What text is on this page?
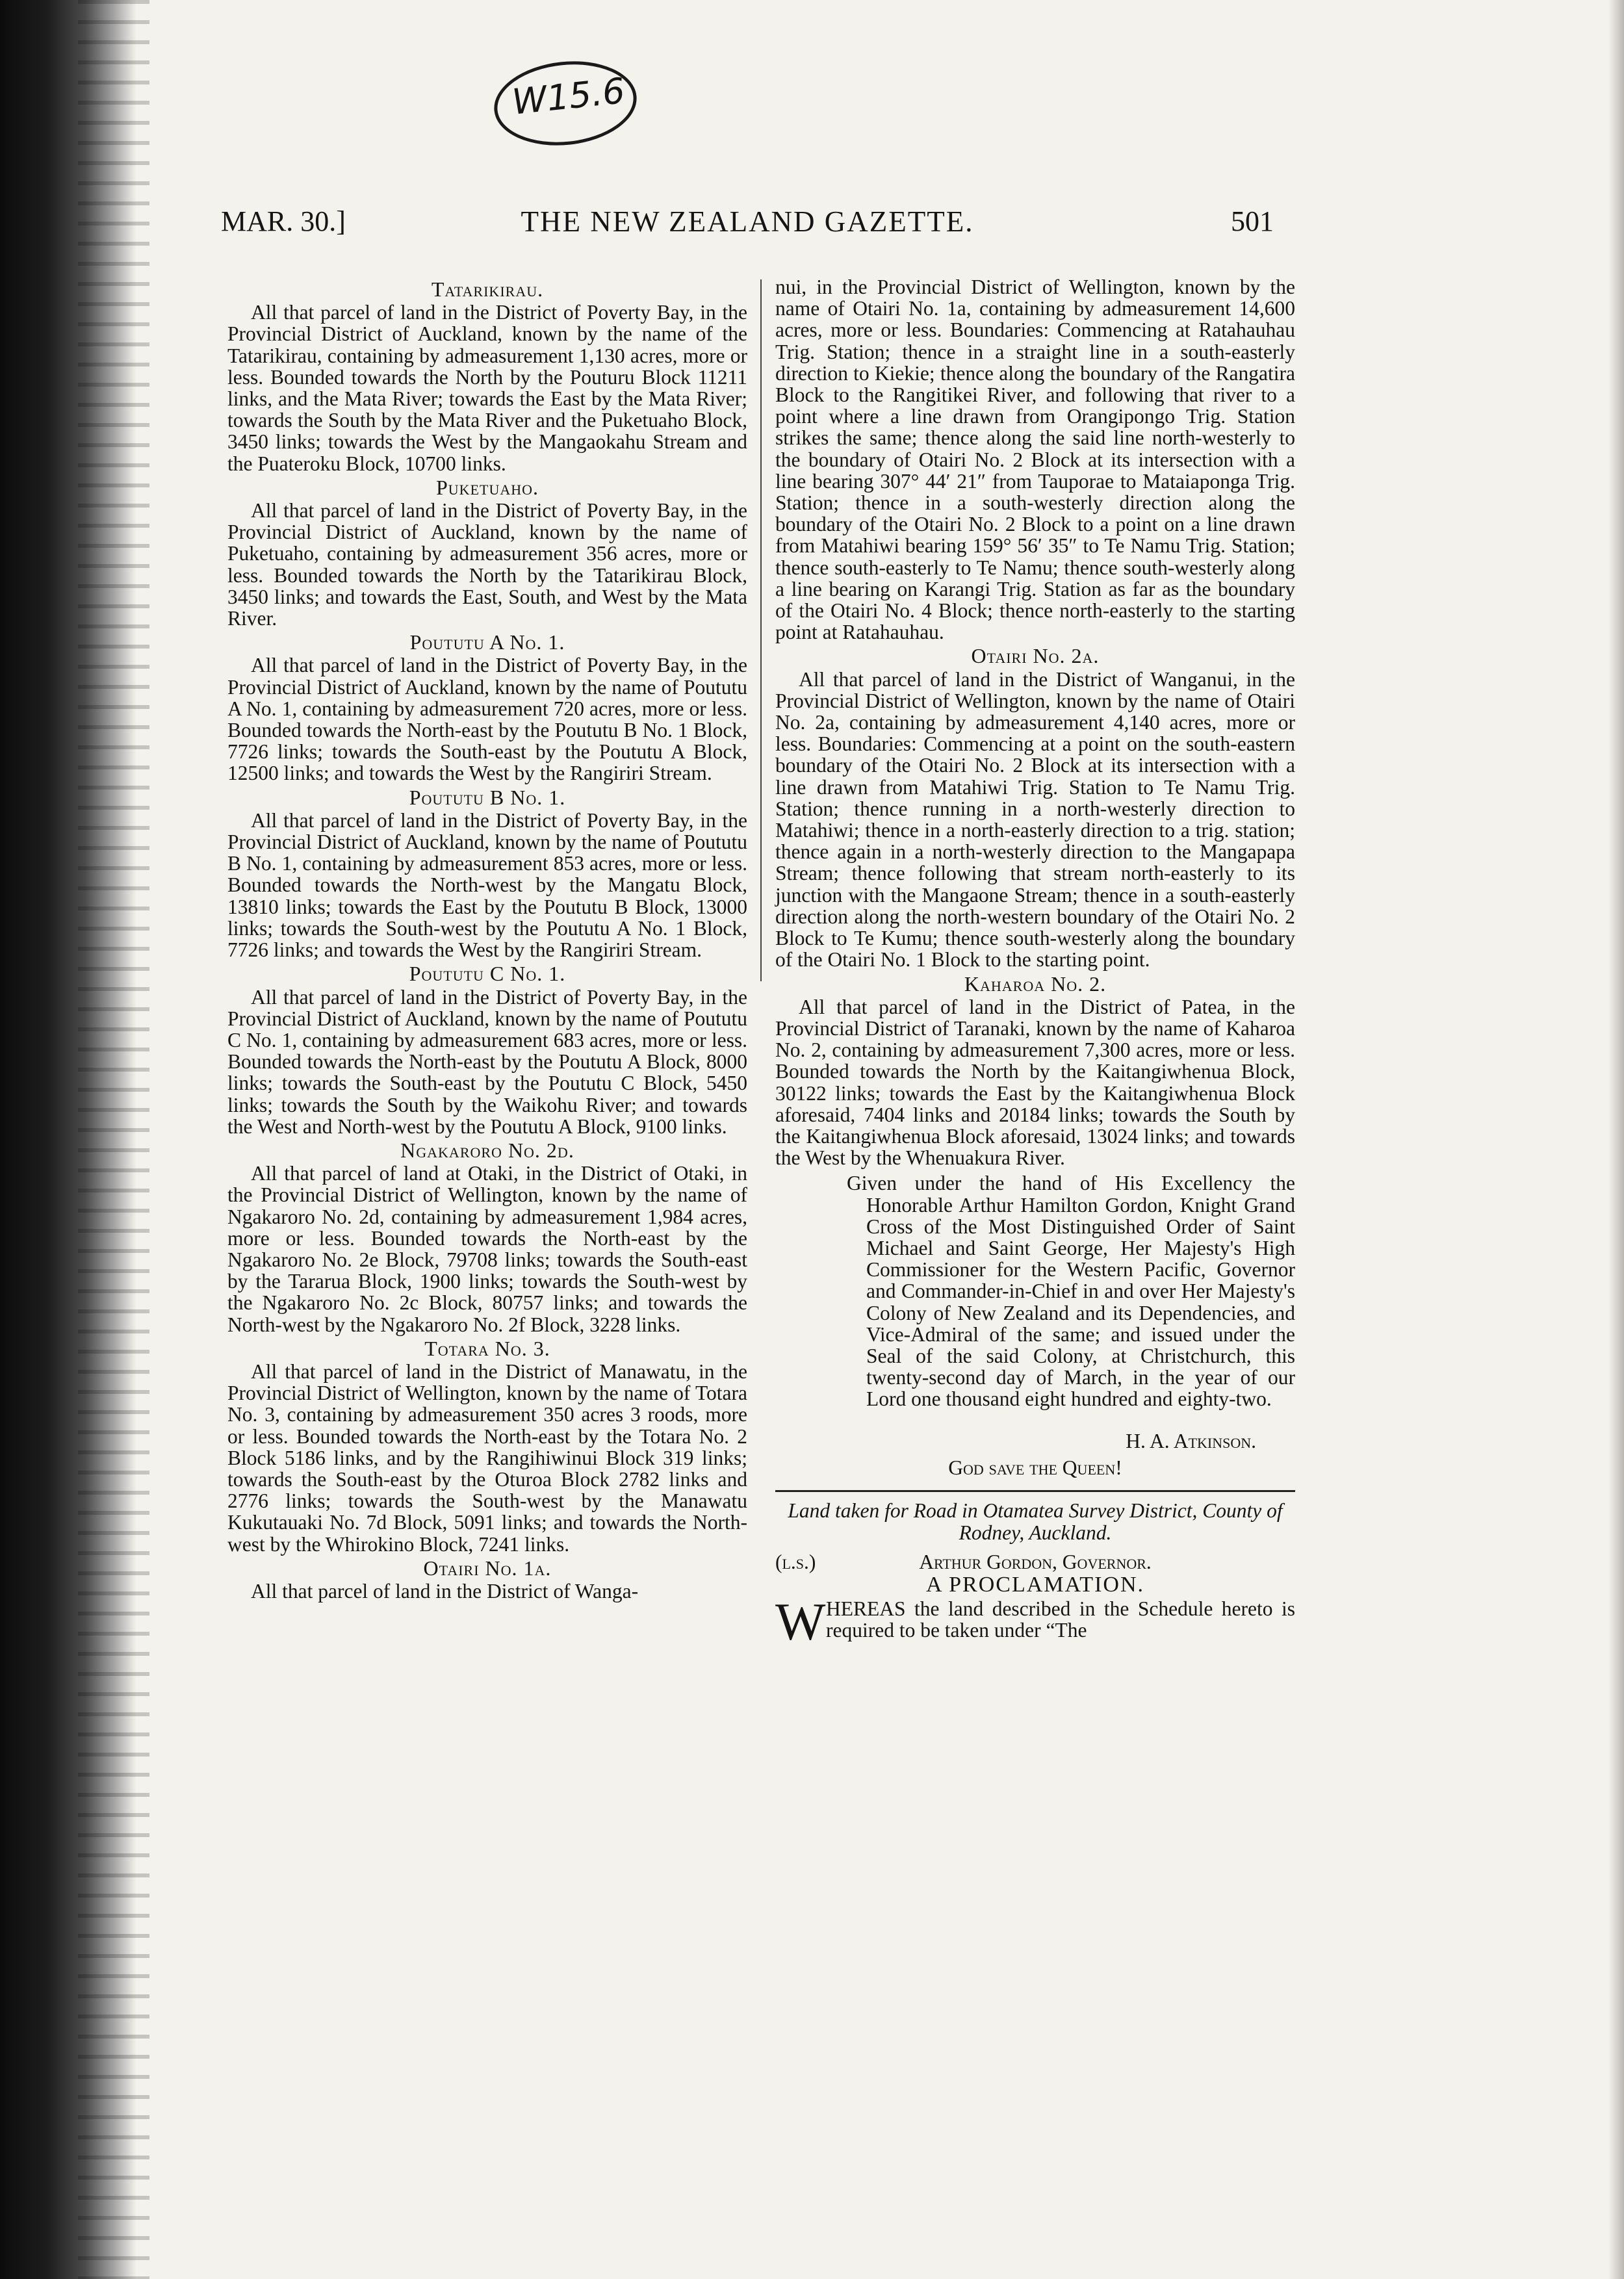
W15.6
MAR. 30.]	THE NEW ZEALAND GAZETTE.	501
Tatarikirau.

All that parcel of land in the District of Poverty Bay, in the Provincial District of Auckland, known by the name of the Tatarikirau, containing by admeasurement 1,130 acres, more or less. Bounded towards the North by the Pouturu Block 11211 links, and the Mata River; towards the East by the Mata River; towards the South by the Mata River and the Puketuaho Block, 3450 links; towards the West by the Mangaokahu Stream and the Puateroku Block, 10700 links.

Puketuaho.

All that parcel of land in the District of Poverty Bay, in the Provincial District of Auckland, known by the name of Puketuaho, containing by admeasurement 356 acres, more or less. Bounded towards the North by the Tatarikirau Block, 3450 links; and towards the East, South, and West by the Mata River.

Poututu A No. 1.

All that parcel of land in the District of Poverty Bay, in the Provincial District of Auckland, known by the name of Poututu A No. 1, containing by admeasurement 720 acres, more or less. Bounded towards the North-east by the Poututu B No. 1 Block, 7726 links; towards the South-east by the Poututu A Block, 12500 links; and towards the West by the Rangiriri Stream.

Poututu B No. 1.

All that parcel of land in the District of Poverty Bay, in the Provincial District of Auckland, known by the name of Poututu B No. 1, containing by admeasurement 853 acres, more or less. Bounded towards the North-west by the Mangatu Block, 13810 links; towards the East by the Poututu B Block, 13000 links; towards the South-west by the Poututu A No. 1 Block, 7726 links; and towards the West by the Rangiriri Stream.

Poututu C No. 1.

All that parcel of land in the District of Poverty Bay, in the Provincial District of Auckland, known by the name of Poututu C No. 1, containing by admeasurement 683 acres, more or less. Bounded towards the North-east by the Poututu A Block, 8000 links; towards the South-east by the Poututu C Block, 5450 links; towards the South by the Waikohu River; and towards the West and North-west by the Poututu A Block, 9100 links.

Ngakaroro No. 2d.

All that parcel of land at Otaki, in the District of Otaki, in the Provincial District of Wellington, known by the name of Ngakaroro No. 2d, containing by admeasurement 1,984 acres, more or less. Bounded towards the North-east by the Ngakaroro No. 2e Block, 79708 links; towards the South-east by the Tararua Block, 1900 links; towards the South-west by the Ngakaroro No. 2c Block, 80757 links; and towards the North-west by the Ngakaroro No. 2f Block, 3228 links.

Totara No. 3.

All that parcel of land in the District of Manawatu, in the Provincial District of Wellington, known by the name of Totara No. 3, containing by admeasurement 350 acres 3 roods, more or less. Bounded towards the North-east by the Totara No. 2 Block 5186 links, and by the Rangihiwinui Block 319 links; towards the South-east by the Oturoa Block 2782 links and 2776 links; towards the South-west by the Manawatu Kukutauaki No. 7d Block, 5091 links; and towards the North-west by the Whirokino Block, 7241 links.

Otairi No. 1a.

All that parcel of land in the District of Wanga-

nui, in the Provincial District of Wellington, known by the name of Otairi No. 1a, containing by admeasurement 14,600 acres, more or less. Boundaries: Commencing at Ratahauhau Trig. Station; thence in a straight line in a south-easterly direction to Kiekie; thence along the boundary of the Rangatira Block to the Rangitikei River, and following that river to a point where a line drawn from Orangipongo Trig. Station strikes the same; thence along the said line north-westerly to the boundary of Otairi No. 2 Block at its intersection with a line bearing 307° 44′ 21″ from Tauporae to Mataiaponga Trig. Station; thence in a south-westerly direction along the boundary of the Otairi No. 2 Block to a point on a line drawn from Matahiwi bearing 159° 56′ 35″ to Te Namu Trig. Station; thence south-easterly to Te Namu; thence south-westerly along a line bearing on Karangi Trig. Station as far as the boundary of the Otairi No. 4 Block; thence north-easterly to the starting point at Ratahauhau.

Otairi No. 2a.

All that parcel of land in the District of Wanganui, in the Provincial District of Wellington, known by the name of Otairi No. 2a, containing by admeasurement 4,140 acres, more or less. Boundaries: Commencing at a point on the south-eastern boundary of the Otairi No. 2 Block at its intersection with a line drawn from Matahiwi Trig. Station to Te Namu Trig. Station; thence running in a north-westerly direction to Matahiwi; thence in a north-easterly direction to a trig. station; thence again in a north-westerly direction to the Mangapapa Stream; thence following that stream north-easterly to its junction with the Mangaone Stream; thence in a south-easterly direction along the north-western boundary of the Otairi No. 2 Block to Te Kumu; thence south-westerly along the boundary of the Otairi No. 1 Block to the starting point.

Kaharoa No. 2.

All that parcel of land in the District of Patea, in the Provincial District of Taranaki, known by the name of Kaharoa No. 2, containing by admeasurement 7,300 acres, more or less. Bounded towards the North by the Kaitangiwhenua Block, 30122 links; towards the East by the Kaitangiwhenua Block aforesaid, 7404 links and 20184 links; towards the South by the Kaitangiwhenua Block aforesaid, 13024 links; and towards the West by the Whenuakura River.

Given under the hand of His Excellency the Honorable Arthur Hamilton Gordon, Knight Grand Cross of the Most Distinguished Order of Saint Michael and Saint George, Her Majesty's High Commissioner for the Western Pacific, Governor and Commander-in-Chief in and over Her Majesty's Colony of New Zealand and its Dependencies, and Vice-Admiral of the same; and issued under the Seal of the said Colony, at Christchurch, this twenty-second day of March, in the year of our Lord one thousand eight hundred and eighty-two.

H. A. Atkinson.
God save the Queen!
Land taken for Road in Otamatea Survey District, County of Rodney, Auckland.
(l.s.)	Arthur Gordon, Governor.
A PROCLAMATION.
W HEREAS the land described in the Schedule hereto is required to be taken under “The
